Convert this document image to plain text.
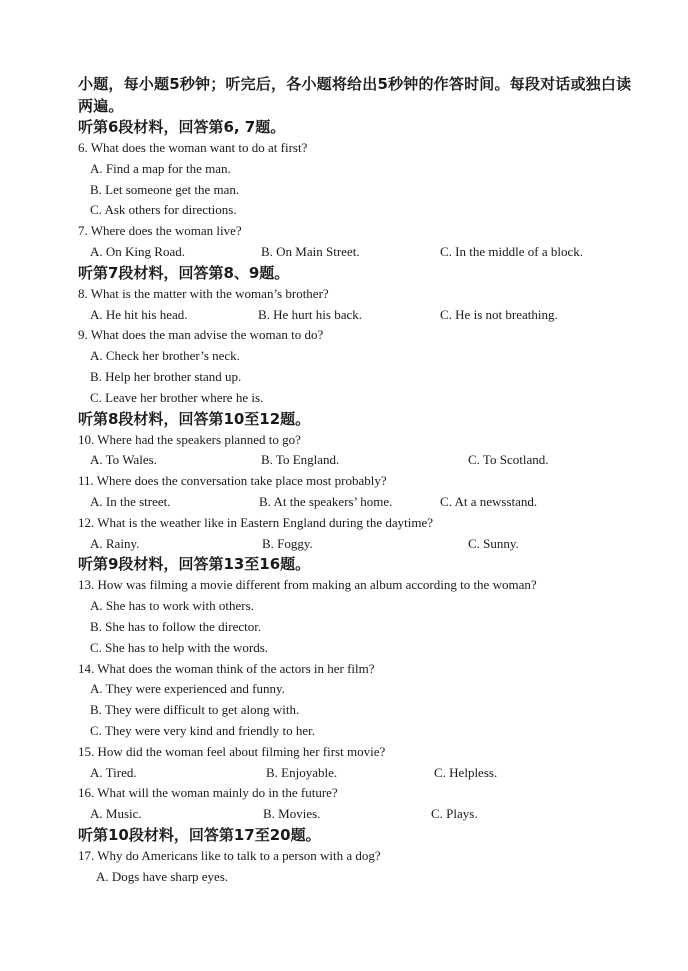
小题，每小题5秒钟；听完后，各小题将给出5秒钟的作答时间。每段对话或独白读两遍。

听第6段材料，回答第6, 7题。
6. What does the woman want to do at first?
A. Find a map for the man.
B. Let someone get the man.
C. Ask others for directions.
7. Where does the woman live?
A. On King Road.	B. On Main Street.	C. In the middle of a block.
听第7段材料，回答第8、9题。
8. What is the matter with the woman’s brother?
A. He hit his head.	B. He hurt his back.	C. He is not breathing.
9. What does the man advise the woman to do?
A. Check her brother’s neck.
B. Help her brother stand up.
C. Leave her brother where he is.
听第8段材料，回答第10至12题。
10. Where had the speakers planned to go?
A. To Wales.	B. To England.	C. To Scotland.
11. Where does the conversation take place most probably?
A. In the street.	B. At the speakers’ home.	C. At a newsstand.
12. What is the weather like in Eastern England during the daytime?
A. Rainy.	B. Foggy.	C. Sunny.
听第9段材料，回答第13至16题。
13. How was filming a movie different from making an album according to the woman?
A. She has to work with others.
B. She has to follow the director.
C. She has to help with the words.
14. What does the woman think of the actors in her film?
A. They were experienced and funny.
B. They were difficult to get along with.
C. They were very kind and friendly to her.
15. How did the woman feel about filming her first movie?
A. Tired.	B. Enjoyable.	C. Helpless.
16. What will the woman mainly do in the future?
A. Music.	B. Movies.	C. Plays.
听第10段材料，回答第17至20题。
17. Why do Americans like to talk to a person with a dog?
A. Dogs have sharp eyes.
